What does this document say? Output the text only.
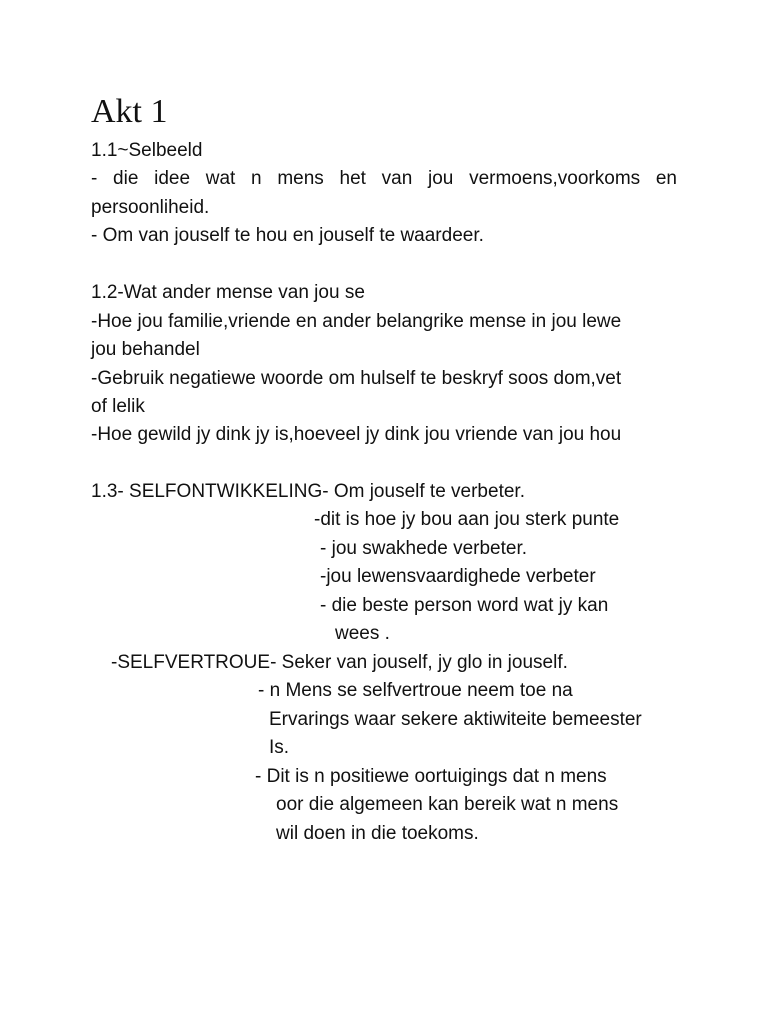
Akt 1
1.1~Selbeeld
- die idee wat n mens het van jou vermoens,voorkoms en
persoonliheid.
- Om van jouself te hou en jouself te waardeer.
1.2-Wat ander mense van jou se
-Hoe jou familie,vriende en ander belangrike mense in jou lewe
jou behandel
-Gebruik negatiewe woorde om hulself te beskryf soos dom,vet
of lelik
-Hoe gewild jy dink jy is,hoeveel jy dink jou vriende van jou hou
1.3- SELFONTWIKKELING- Om jouself te verbeter.
-dit is hoe jy bou aan jou sterk punte
- jou swakhede verbeter.
-jou lewensvaardighede verbeter
- die beste person word wat jy kan
wees .
-SELFVERTROUE- Seker van jouself, jy glo in jouself.
- n Mens se selfvertroue neem toe na
Ervarings waar sekere aktiwiteite bemeester
Is.
- Dit is n positiewe oortuigings dat n mens
oor die algemeen kan bereik wat n mens
wil doen in die toekoms.
